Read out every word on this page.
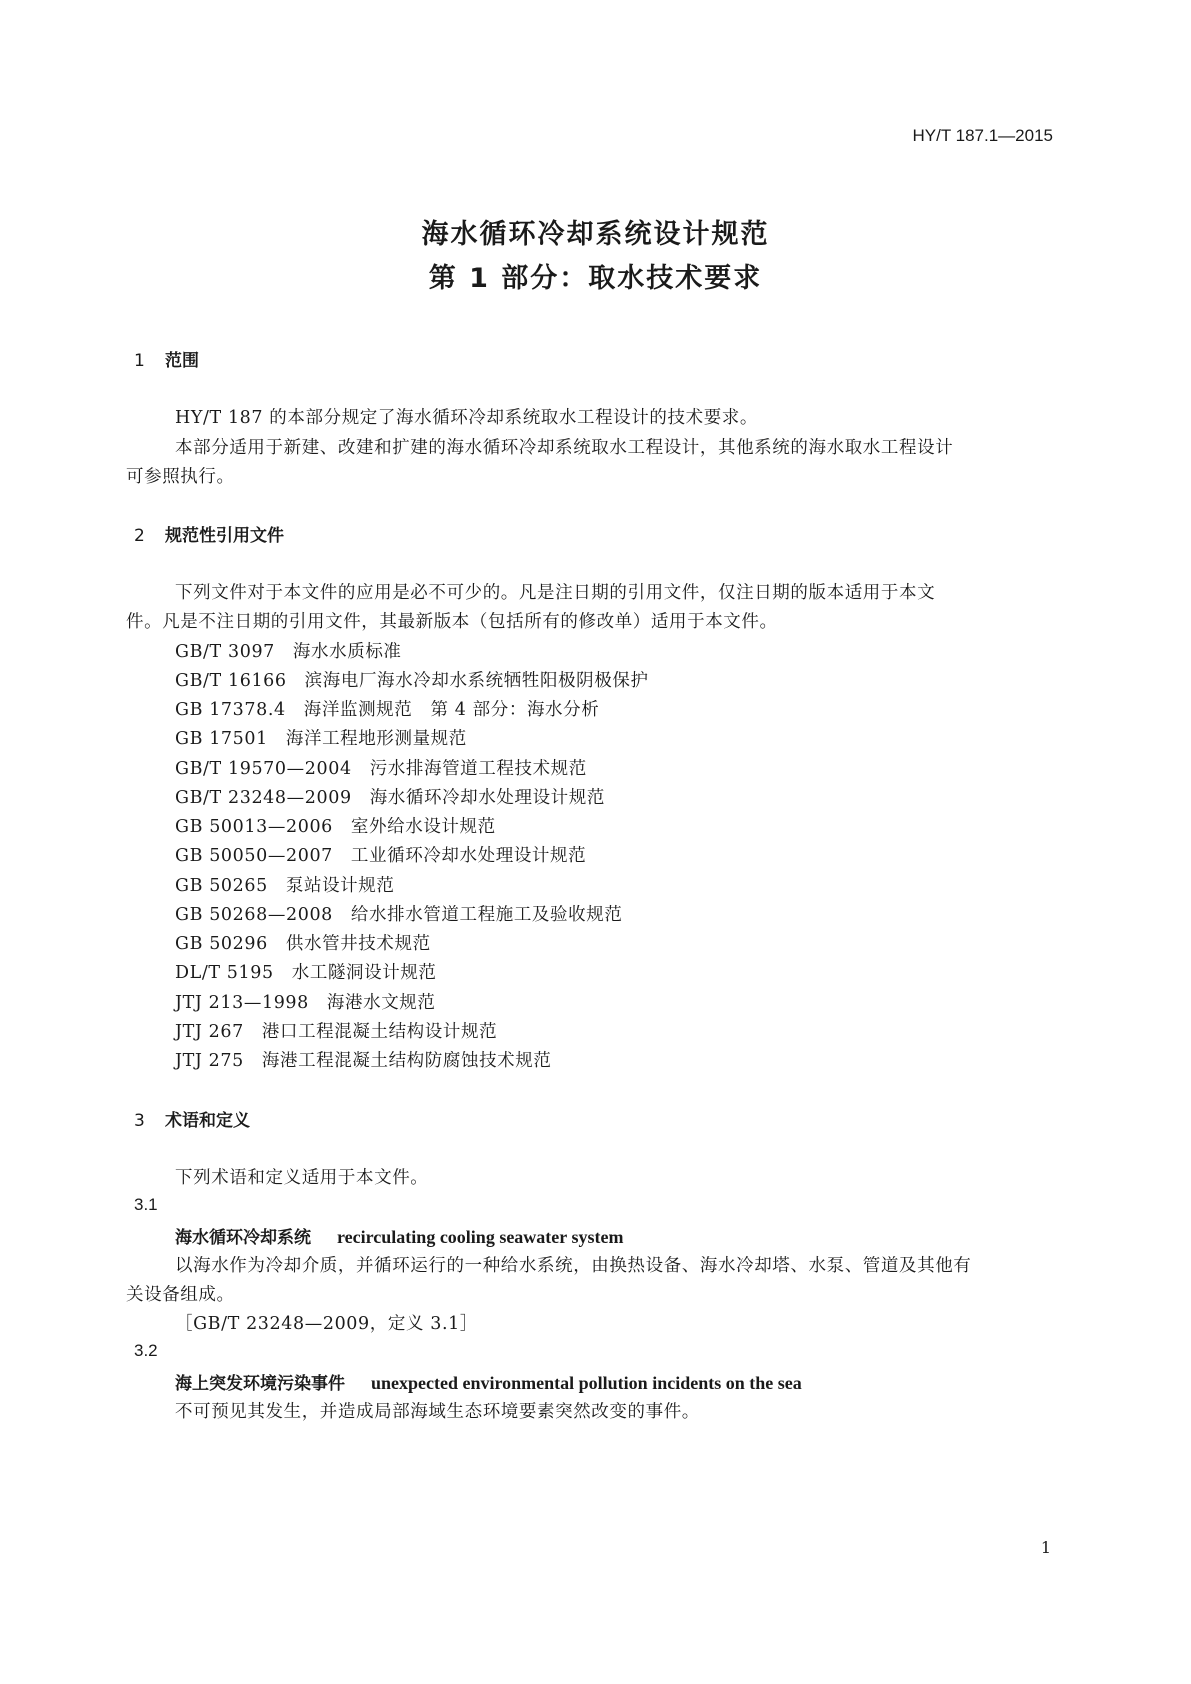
HY/T 187.1—2015
海水循环冷却系统设计规范
第 1 部分：取水技术要求
1 范围
HY/T 187 的本部分规定了海水循环冷却系统取水工程设计的技术要求。
本部分适用于新建、改建和扩建的海水循环冷却系统取水工程设计，其他系统的海水取水工程设计
可参照执行。
2 规范性引用文件
下列文件对于本文件的应用是必不可少的。凡是注日期的引用文件，仅注日期的版本适用于本文
件。凡是不注日期的引用文件，其最新版本（包括所有的修改单）适用于本文件。
GB/T 3097 海水水质标准
GB/T 16166 滨海电厂海水冷却水系统牺牲阳极阴极保护
GB 17378.4 海洋监测规范　第 4 部分：海水分析
GB 17501 海洋工程地形测量规范
GB/T 19570—2004 污水排海管道工程技术规范
GB/T 23248—2009 海水循环冷却水处理设计规范
GB 50013—2006 室外给水设计规范
GB 50050—2007 工业循环冷却水处理设计规范
GB 50265 泵站设计规范
GB 50268—2008 给水排水管道工程施工及验收规范
GB 50296 供水管井技术规范
DL/T 5195 水工隧洞设计规范
JTJ 213—1998 海港水文规范
JTJ 267 港口工程混凝土结构设计规范
JTJ 275 海港工程混凝土结构防腐蚀技术规范
3 术语和定义
下列术语和定义适用于本文件。
3.1
海水循环冷却系统 recirculating cooling seawater system
以海水作为冷却介质，并循环运行的一种给水系统，由换热设备、海水冷却塔、水泵、管道及其他有
关设备组成。
［GB/T 23248—2009，定义 3.1］
3.2
海上突发环境污染事件 unexpected environmental pollution incidents on the sea
不可预见其发生，并造成局部海域生态环境要素突然改变的事件。
1
